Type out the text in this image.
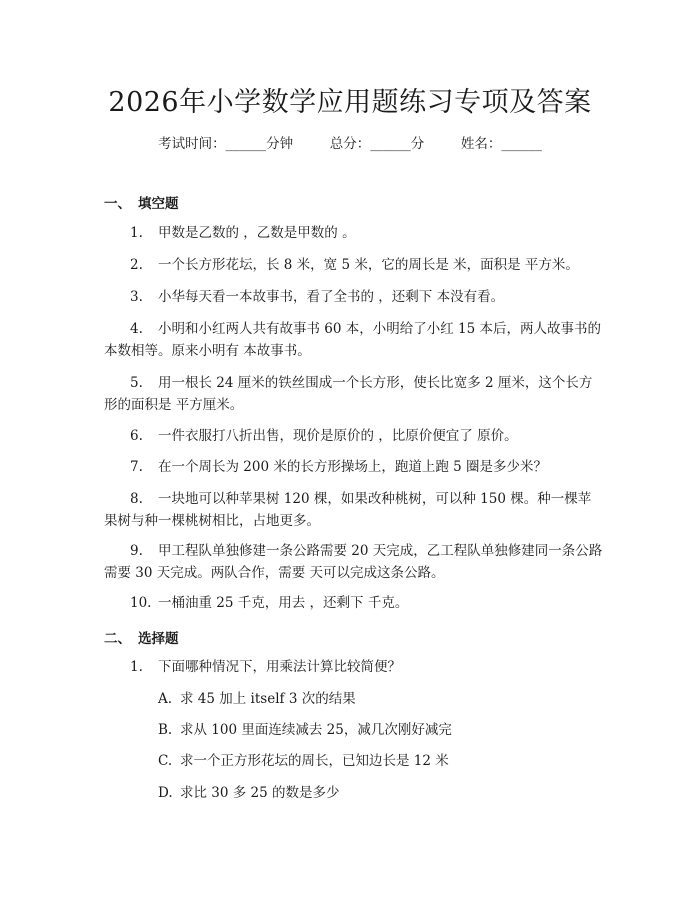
2026年小学数学应用题练习专项及答案
考试时间：______分钟	总分：______分	姓名：______
一、 填空题
1. 甲数是乙数的 ，乙数是甲数的 。
2. 一个长方形花坛，长 8 米，宽 5 米，它的周长是 米，面积是 平方米。
3. 小华每天看一本故事书，看了全书的 ，还剩下 本没有看。
4. 小明和小红两人共有故事书 60 本，小明给了小红 15 本后，两人故事书的本数相等。原来小明有 本故事书。
5. 用一根长 24 厘米的铁丝围成一个长方形，使长比宽多 2 厘米，这个长方形的面积是 平方厘米。
6. 一件衣服打八折出售，现价是原价的 ，比原价便宜了 原价。
7. 在一个周长为 200 米的长方形操场上，跑道上跑 5 圈是多少米？
8. 一块地可以种苹果树 120 棵，如果改种桃树，可以种 150 棵。种一棵苹果树与种一棵桃树相比，占地更多。
9. 甲工程队单独修建一条公路需要 20 天完成，乙工程队单独修建同一条公路需要 30 天完成。两队合作，需要 天可以完成这条公路。
10. 一桶油重 25 千克，用去 ，还剩下 千克。
二、 选择题
1. 下面哪种情况下，用乘法计算比较简便？
A. 求 45 加上 itself 3 次的结果
B. 求从 100 里面连续减去 25，减几次刚好减完
C. 求一个正方形花坛的周长，已知边长是 12 米
D. 求比 30 多 25 的数是多少
